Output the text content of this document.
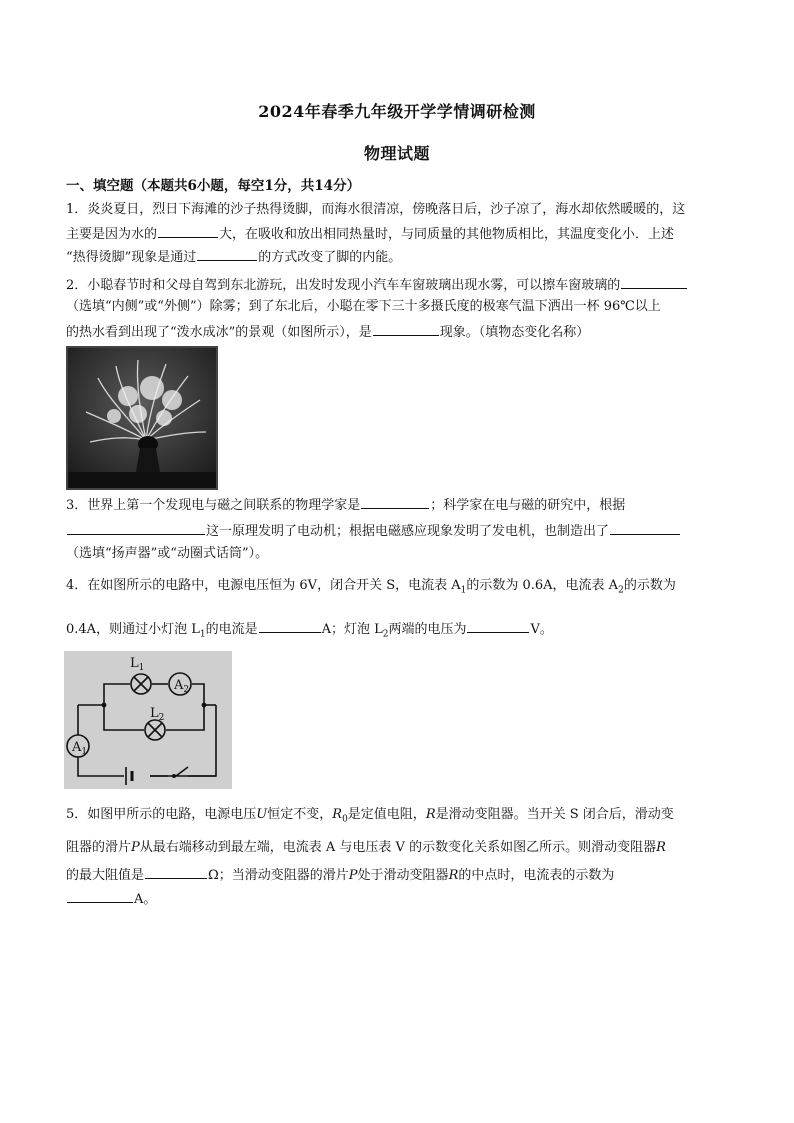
2024年春季九年级开学学情调研检测
物理试题
一、填空题（本题共6小题，每空1分，共14分）
1．炎炎夏日，烈日下海滩的沙子热得烫脚，而海水很清凉，傍晚落日后，沙子凉了，海水却依然暖暖的，这
主要是因为水的	大，在吸收和放出相同热量时，与同质量的其他物质相比，其温度变化小．上述
“热得烫脚”现象是通过	的方式改变了脚的内能。
2．小聪春节时和父母自驾到东北游玩，出发时发现小汽车车窗玻璃出现水雾，可以擦车窗玻璃的
（选填“内侧”或“外侧”）除雾；到了东北后，小聪在零下三十多摄氏度的极寒气温下洒出一杯 96℃以上
的热水看到出现了“泼水成冰”的景观（如图所示），是	现象。（填物态变化名称）
3．世界上第一个发现电与磁之间联系的物理学家是	；科学家在电与磁的研究中，根据
这一原理发明了电动机；根据电磁感应现象发明了发电机，也制造出了
（选填“扬声器”或“动圈式话筒”）。
4．在如图所示的电路中，电源电压恒为 6V，闭合开关 S，电流表 $A_1$的示数为 0.6A，电流表 $A_2$的示数为
0.4A，则通过小灯泡 $L_1$的电流是	A；灯泡 $L_2$两端的电压为	V。
$L_1$
$A_2$
$L_2$
$A_1$
5．如图甲所示的电路，电源电压U恒定不变，$R_0$是定值电阻，R是滑动变阻器。当开关 S 闭合后，滑动变
阻器的滑片P从最右端移动到最左端，电流表 A 与电压表 V 的示数变化关系如图乙所示。则滑动变阻器R
的最大阻值是	Ω；当滑动变阻器的滑片P处于滑动变阻器R的中点时，电流表的示数为
A。
